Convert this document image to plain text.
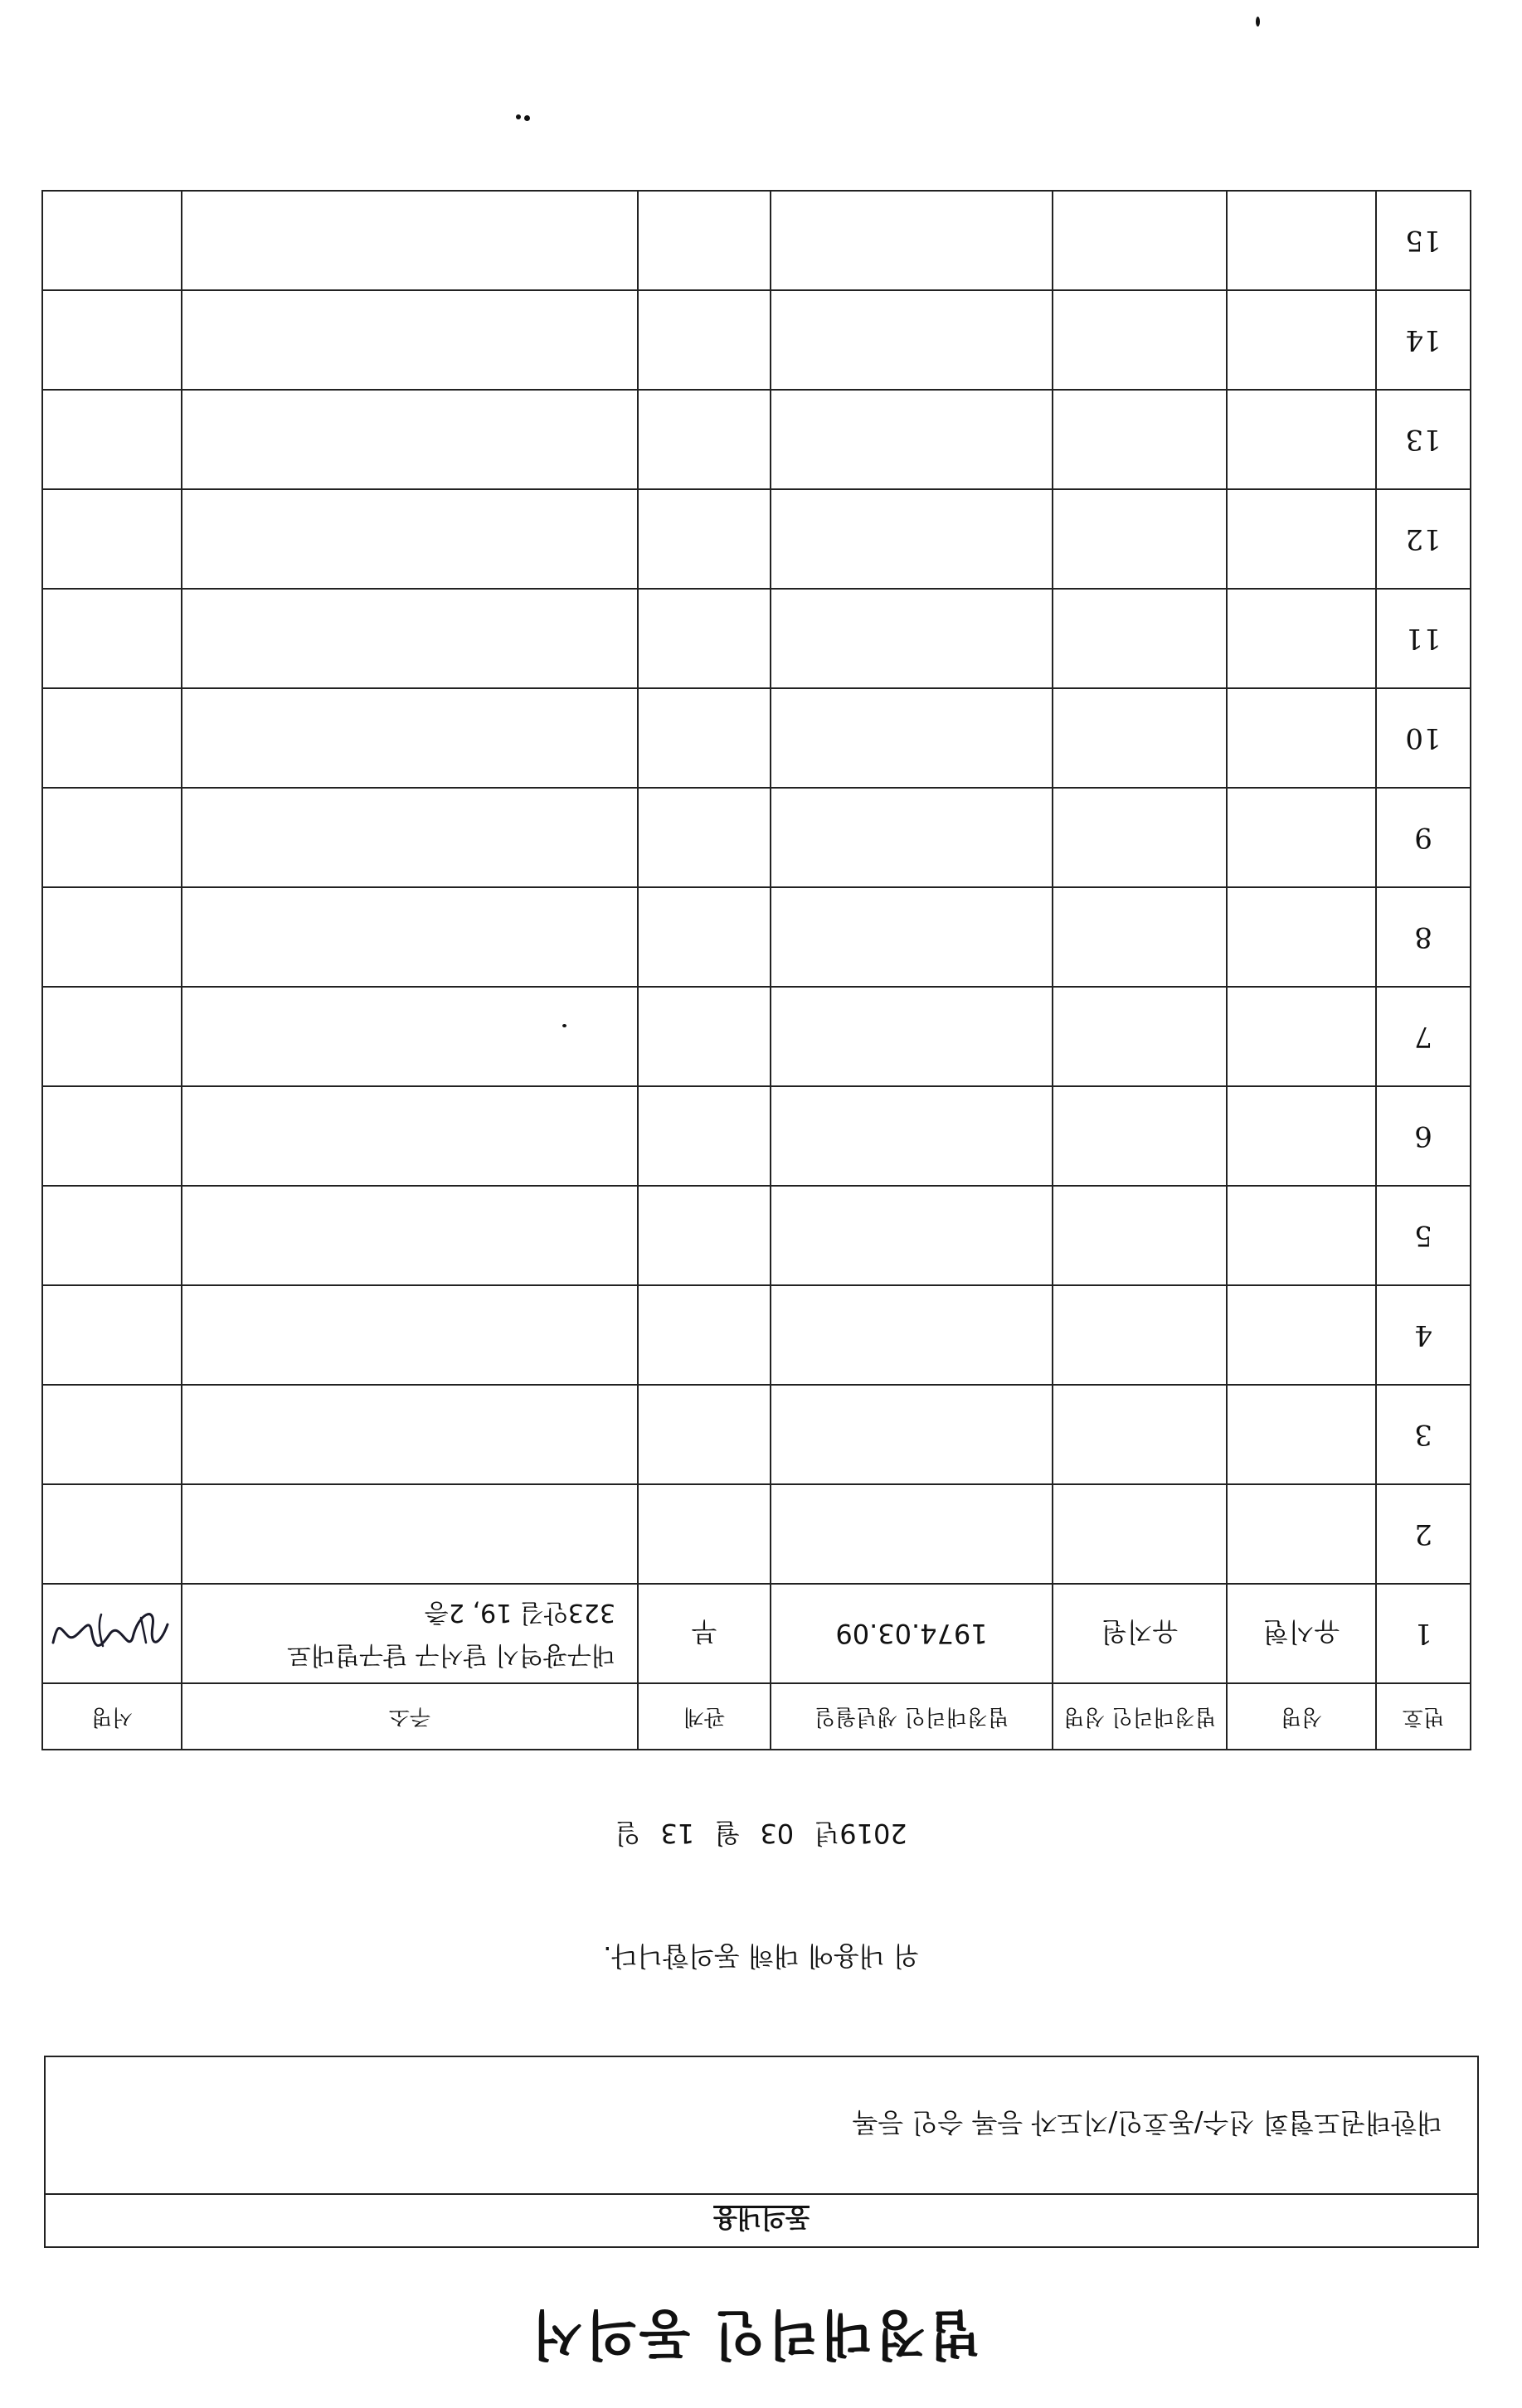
법정대리인 동의서
동의내용
대한태권도협회 선수/동호인/지도자 등록 승인 등록
위 내용에 대해 동의합니다.
2019년 03 월 13 일
번호	성명	법정대리인 성명	법정대리인 생년월일	관계	주소	서명
1	유시현	유지원	1974.03.09	부	대구광역시 달서구 달구벌대로
323안길 19, 2층

2						
3						
4						
5						
6						
7						
8						
9						
10						
11						
12						
13						
14						
15						
